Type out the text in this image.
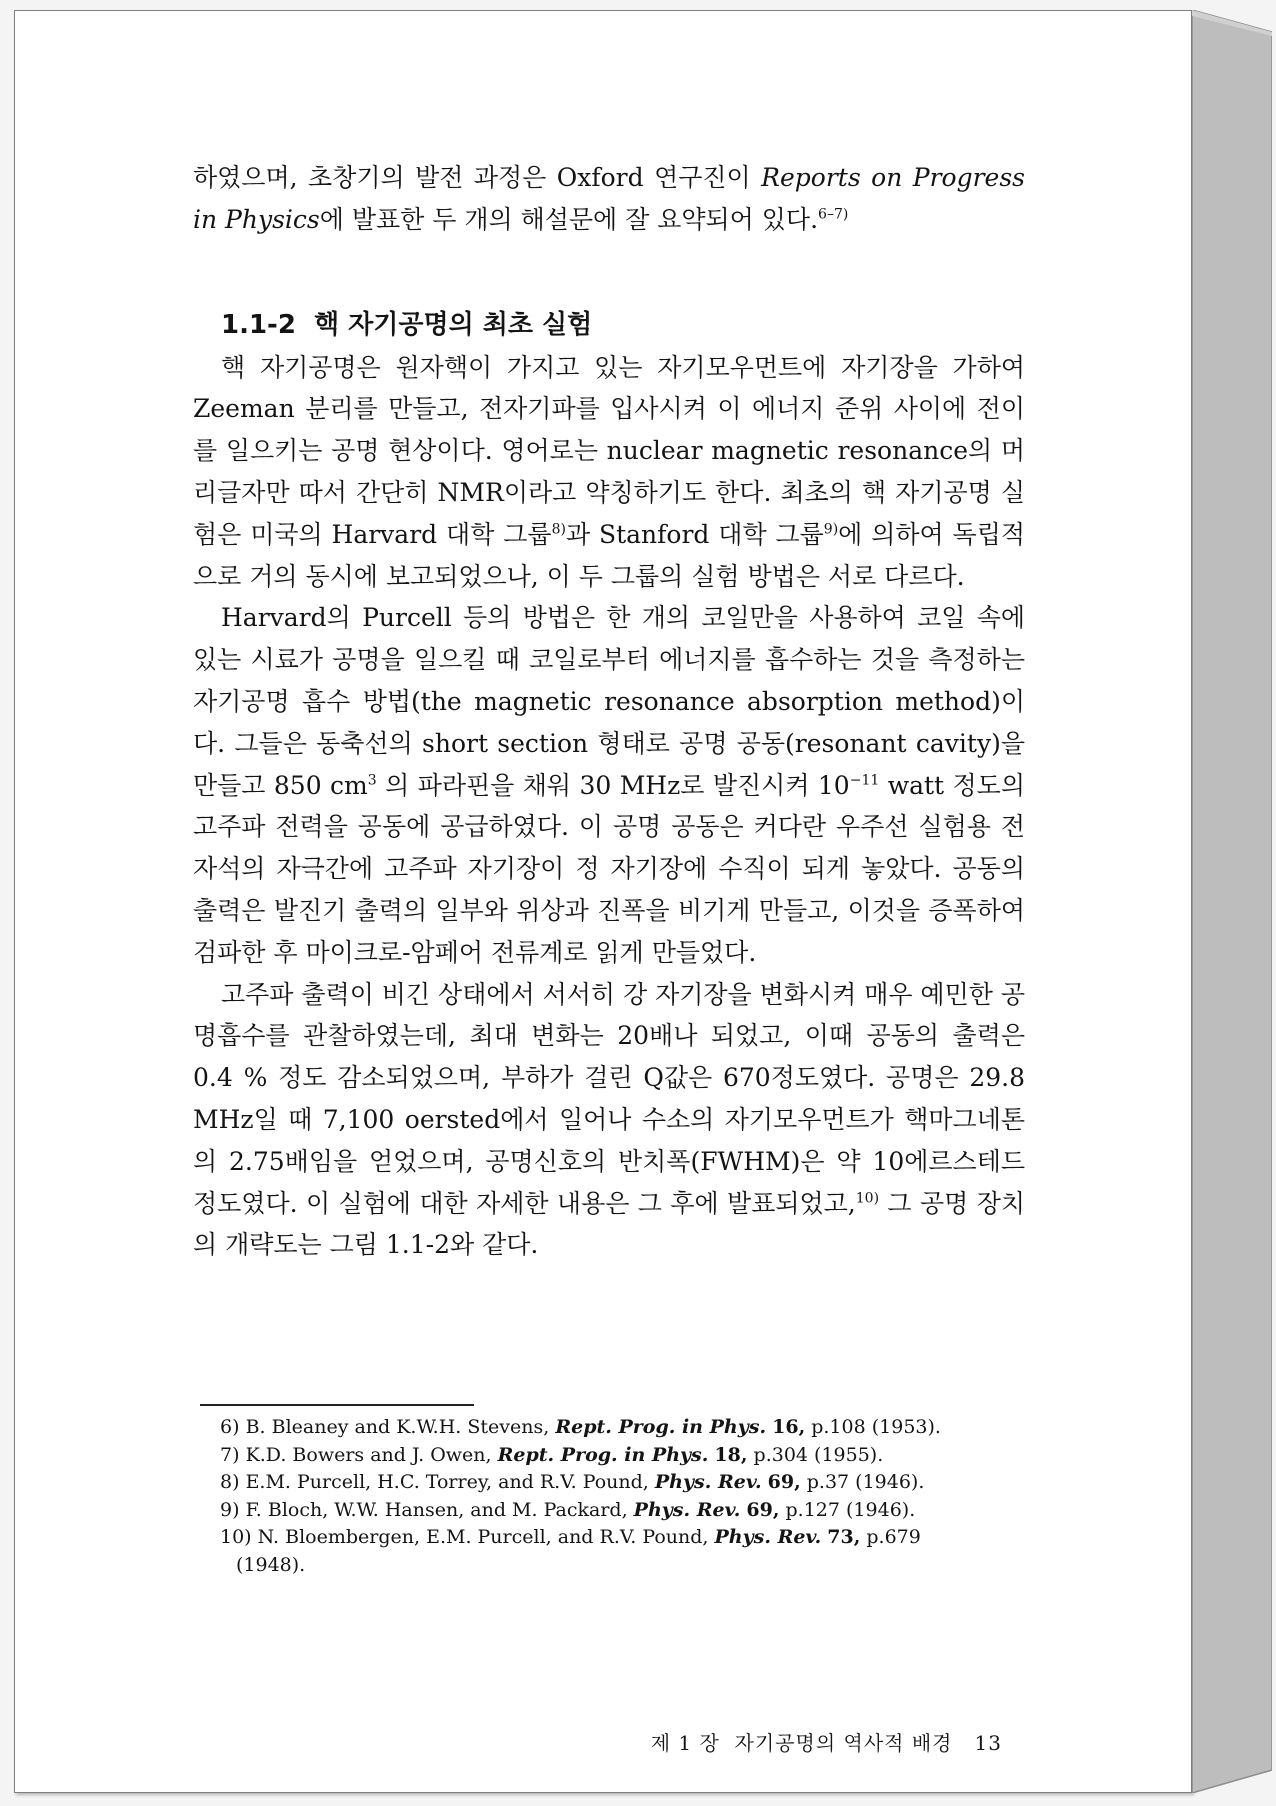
하였으며, 초창기의 발전 과정은 Oxford 연구진이 Reports on Progress in Physics에 발표한 두 개의 해설문에 잘 요약되어 있다.$^{6-7)}$

1.1-2 핵 자기공명의 최초 실험

핵 자기공명은 원자핵이 가지고 있는 자기모우먼트에 자기장을 가하여 Zeeman 분리를 만들고, 전자기파를 입사시켜 이 에너지 준위 사이에 전이를 일으키는 공명 현상이다. 영어로는 nuclear magnetic resonance의 머리글자만 따서 간단히 NMR이라고 약칭하기도 한다. 최초의 핵 자기공명 실험은 미국의 Harvard 대학 그룹$^{8)}$과 Stanford 대학 그룹$^{9)}$에 의하여 독립적으로 거의 동시에 보고되었으나, 이 두 그룹의 실험 방법은 서로 다르다.

Harvard의 Purcell 등의 방법은 한 개의 코일만을 사용하여 코일 속에 있는 시료가 공명을 일으킬 때 코일로부터 에너지를 흡수하는 것을 측정하는 자기공명 흡수 방법(the magnetic resonance absorption method)이다. 그들은 동축선의 short section 형태로 공명 공동(resonant cavity)을 만들고 850 $cm^3$ 의 파라핀을 채워 30 MHz로 발진시켜 $10^{-11}$ watt 정도의 고주파 전력을 공동에 공급하였다. 이 공명 공동은 커다란 우주선 실험용 전자석의 자극간에 고주파 자기장이 정 자기장에 수직이 되게 놓았다. 공동의 출력은 발진기 출력의 일부와 위상과 진폭을 비기게 만들고, 이것을 증폭하여 검파한 후 마이크로-암페어 전류계로 읽게 만들었다.

고주파 출력이 비긴 상태에서 서서히 강 자기장을 변화시켜 매우 예민한 공명흡수를 관찰하였는데, 최대 변화는 20배나 되었고, 이때 공동의 출력은 0.4 % 정도 감소되었으며, 부하가 걸린 Q값은 670정도였다. 공명은 29.8 MHz일 때 7,100 oersted에서 일어나 수소의 자기모우먼트가 핵마그네톤의 2.75배임을 얻었으며, 공명신호의 반치폭(FWHM)은 약 10에르스테드 정도였다. 이 실험에 대한 자세한 내용은 그 후에 발표되었고,$^{10)}$ 그 공명 장치의 개략도는 그림 1.1-2와 같다.

6) B. Bleaney and K.W.H. Stevens, Rept. Prog. in Phys. 16, p.108 (1953).
7) K.D. Bowers and J. Owen, Rept. Prog. in Phys. 18, p.304 (1955).
8) E.M. Purcell, H.C. Torrey, and R.V. Pound, Phys. Rev. 69, p.37 (1946).
9) F. Bloch, W.W. Hansen, and M. Packard, Phys. Rev. 69, p.127 (1946).
10) N. Bloembergen, E.M. Purcell, and R.V. Pound, Phys. Rev. 73, p.679
(1948).
제 1 장 자기공명의 역사적 배경 13
